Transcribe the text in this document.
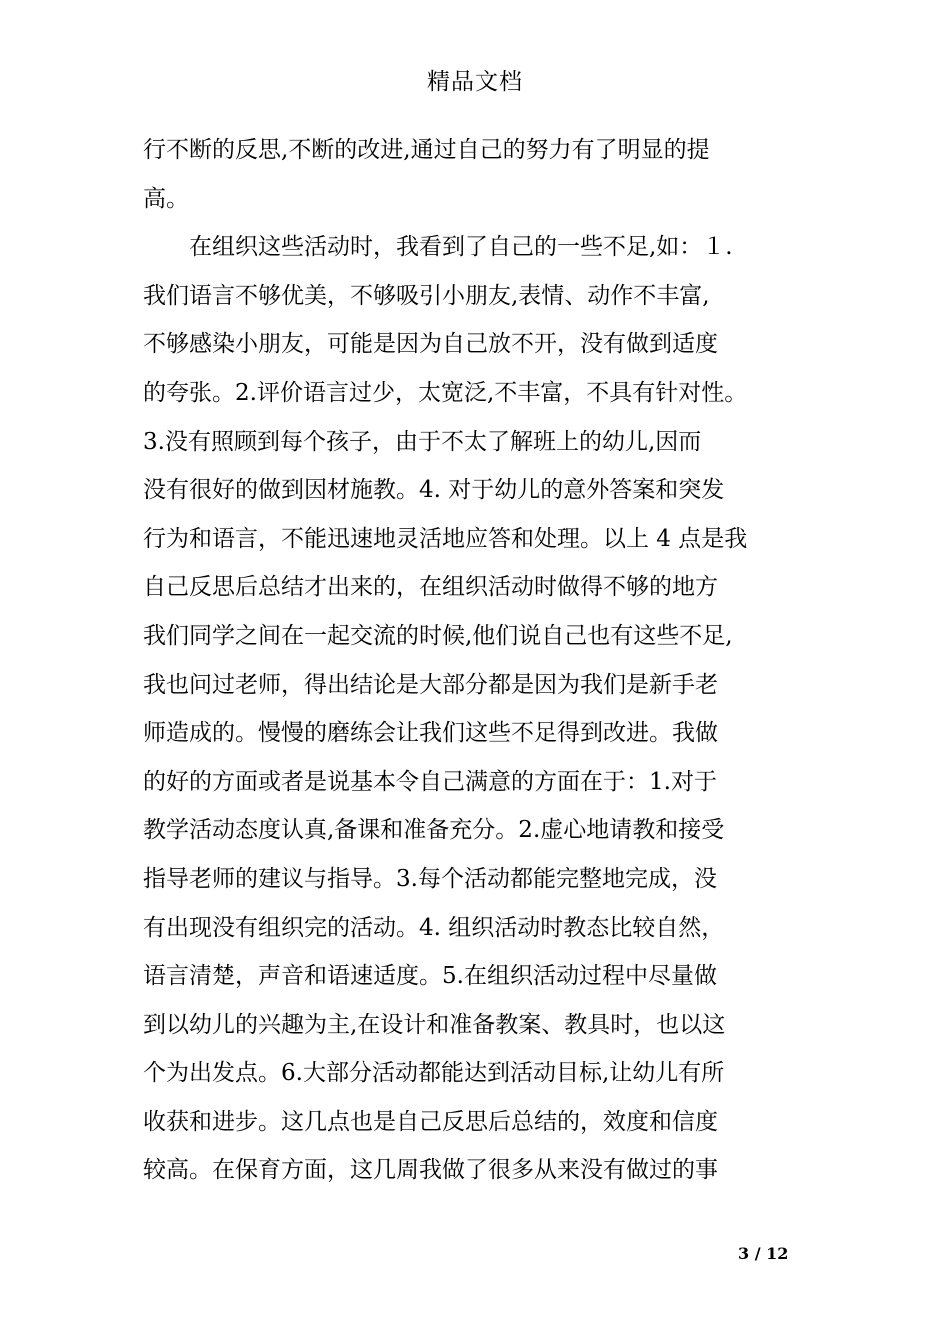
精品文档
行不断的反思,不断的改进,通过自己的努力有了明显的提
高。
　　在组织这些活动时，我看到了自己的一些不足,如：１.
我们语言不够优美，不够吸引小朋友,表情、动作不丰富,
不够感染小朋友，可能是因为自己放不开，没有做到适度
的夸张。2.评价语言过少，太宽泛,不丰富，不具有针对性。
3.没有照顾到每个孩子，由于不太了解班上的幼儿,因而
没有很好的做到因材施教。4. 对于幼儿的意外答案和突发
行为和语言，不能迅速地灵活地应答和处理。以上 4 点是我
自己反思后总结才出来的，在组织活动时做得不够的地方
我们同学之间在一起交流的时候,他们说自己也有这些不足,
我也问过老师，得出结论是大部分都是因为我们是新手老
师造成的。慢慢的磨练会让我们这些不足得到改进。我做
的好的方面或者是说基本令自己满意的方面在于：1.对于
教学活动态度认真,备课和准备充分。2.虚心地请教和接受
指导老师的建议与指导。3.每个活动都能完整地完成，没
有出现没有组织完的活动。4. 组织活动时教态比较自然，
语言清楚，声音和语速适度。5.在组织活动过程中尽量做
到以幼儿的兴趣为主,在设计和准备教案、教具时，也以这
个为出发点。6.大部分活动都能达到活动目标,让幼儿有所
收获和进步。这几点也是自己反思后总结的，效度和信度
较高。在保育方面，这几周我做了很多从来没有做过的事
3 / 12
